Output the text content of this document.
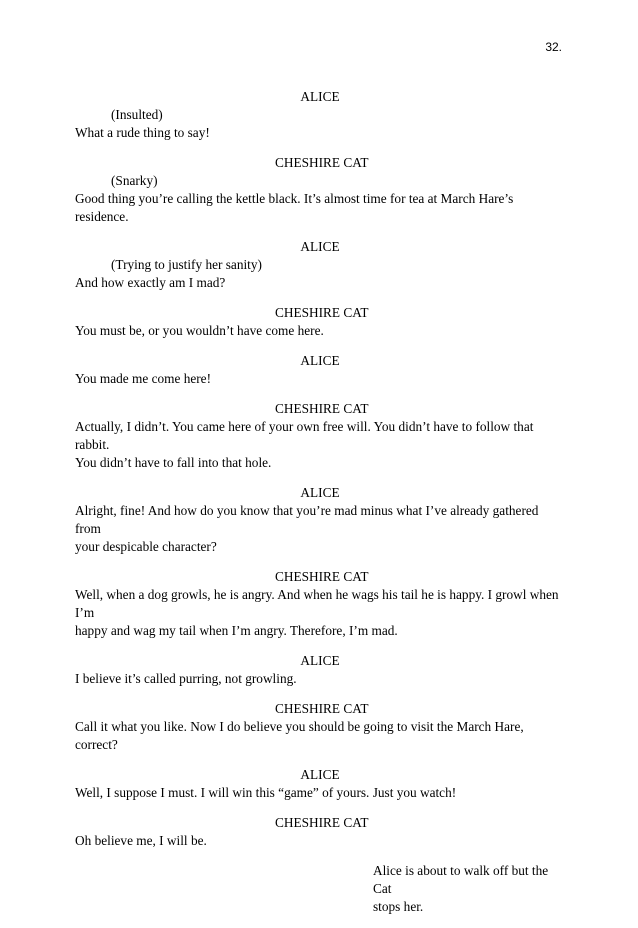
32.
ALICE
(Insulted)
What a rude thing to say!
CHESHIRE CAT
(Snarky)
Good thing you’re calling the kettle black. It’s almost time for tea at March Hare’s residence.
ALICE
(Trying to justify her sanity)
And how exactly am I mad?
CHESHIRE CAT
You must be, or you wouldn’t have come here.
ALICE
You made me come here!
CHESHIRE CAT
Actually, I didn’t. You came here of your own free will. You didn’t have to follow that rabbit.
You didn’t have to fall into that hole.
ALICE
Alright, fine! And how do you know that you’re mad minus what I’ve already gathered from
your despicable character?
CHESHIRE CAT
Well, when a dog growls, he is angry. And when he wags his tail he is happy. I growl when I’m
happy and wag my tail when I’m angry. Therefore, I’m mad.
ALICE
I believe it’s called purring, not growling.
CHESHIRE CAT
Call it what you like. Now I do believe you should be going to visit the March Hare, correct?
ALICE
Well, I suppose I must. I will win this “game” of yours. Just you watch!
CHESHIRE CAT
Oh believe me, I will be.
Alice is about to walk off but the Cat
stops her.
